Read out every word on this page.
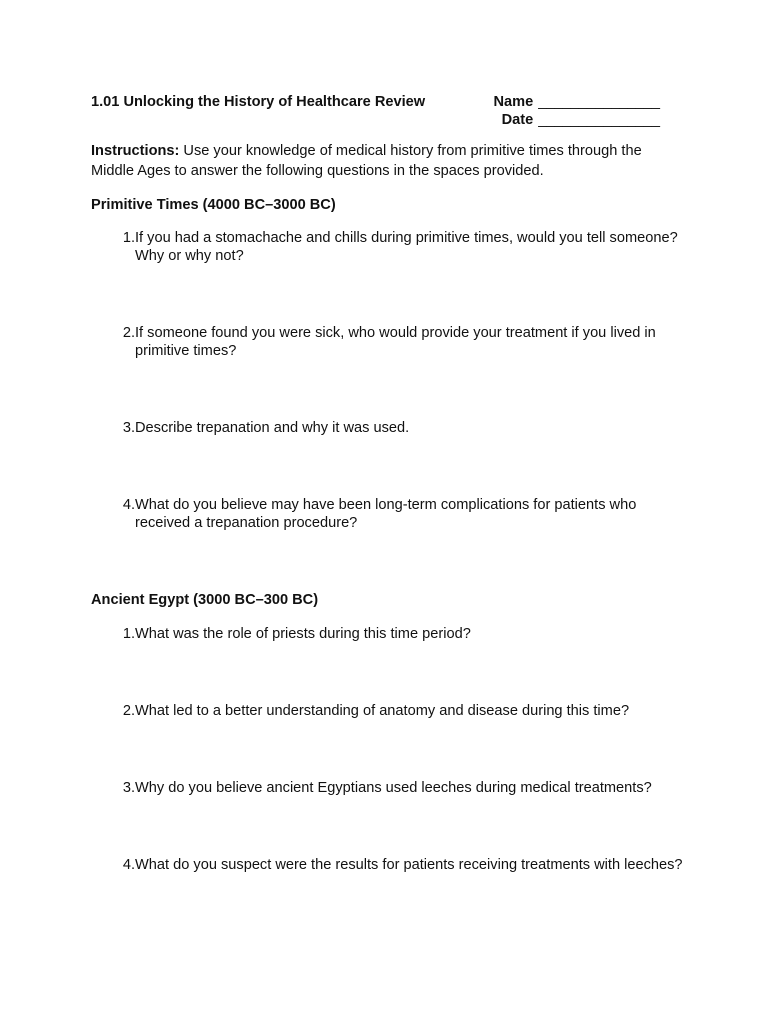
1.01 Unlocking the History of Healthcare Review	Name _______________
Date _______________
Instructions: Use your knowledge of medical history from primitive times through the Middle Ages to answer the following questions in the spaces provided.
Primitive Times (4000 BC–3000 BC)
1. If you had a stomachache and chills during primitive times, would you tell someone? Why or why not?
2. If someone found you were sick, who would provide your treatment if you lived in primitive times?
3. Describe trepanation and why it was used.
4. What do you believe may have been long-term complications for patients who received a trepanation procedure?
Ancient Egypt (3000 BC–300 BC)
1. What was the role of priests during this time period?
2. What led to a better understanding of anatomy and disease during this time?
3. Why do you believe ancient Egyptians used leeches during medical treatments?
4. What do you suspect were the results for patients receiving treatments with leeches?
